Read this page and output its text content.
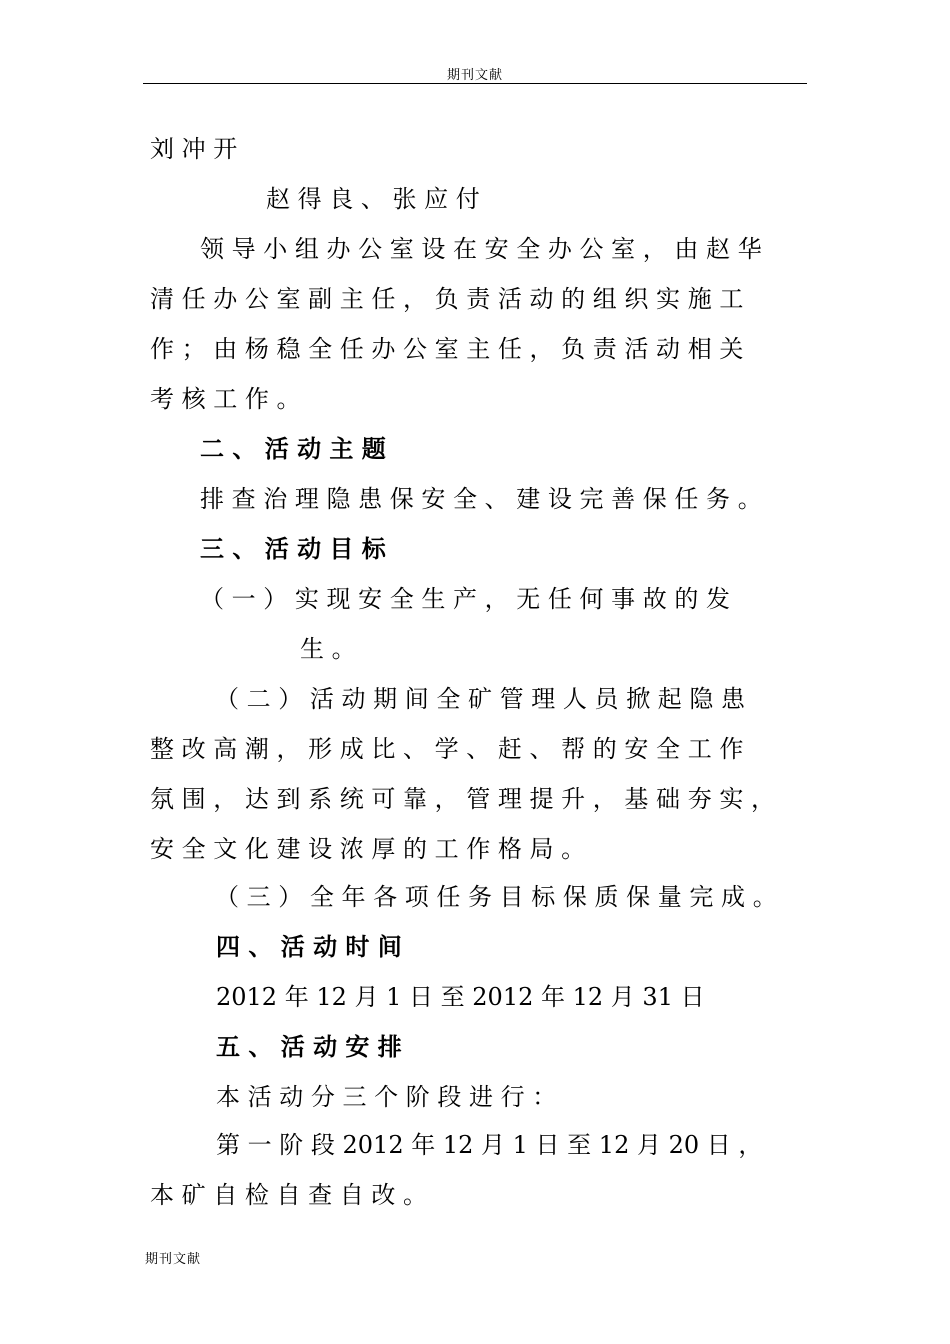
期刊文献
刘 冲 开
赵 得 良 、 张 应 付
领 导 小 组 办 公 室 设 在 安 全 办 公 室 ， 由 赵 华
清 任 办 公 室 副 主 任 ， 负 责 活 动 的 组 织 实 施 工
作 ； 由 杨 稳 全 任 办 公 室 主 任 ， 负 责 活 动 相 关
考 核 工 作 。
二 、 活 动 主 题
排 查 治 理 隐 患 保 安 全 、 建 设 完 善 保 任 务 。
三 、 活 动 目 标
（ 一 ） 实 现 安 全 生 产 ， 无 任 何 事 故 的 发
生 。
（ 二 ） 活 动 期 间 全 矿 管 理 人 员 掀 起 隐 患
整 改 高 潮 ， 形 成 比 、 学 、 赶 、 帮 的 安 全 工 作
氛 围 ， 达 到 系 统 可 靠 ， 管 理 提 升 ， 基 础 夯 实 ，
安 全 文 化 建 设 浓 厚 的 工 作 格 局 。
（ 三 ） 全 年 各 项 任 务 目 标 保 质 保 量 完 成 。
四 、 活 动 时 间
2012 年 12 月 1 日 至 2012 年 12 月 31 日
五 、 活 动 安 排
本 活 动 分 三 个 阶 段 进 行 ：
第 一 阶 段 2012 年 12 月 1 日 至 12 月 20 日 ，
本 矿 自 检 自 查 自 改 。
期刊文献
